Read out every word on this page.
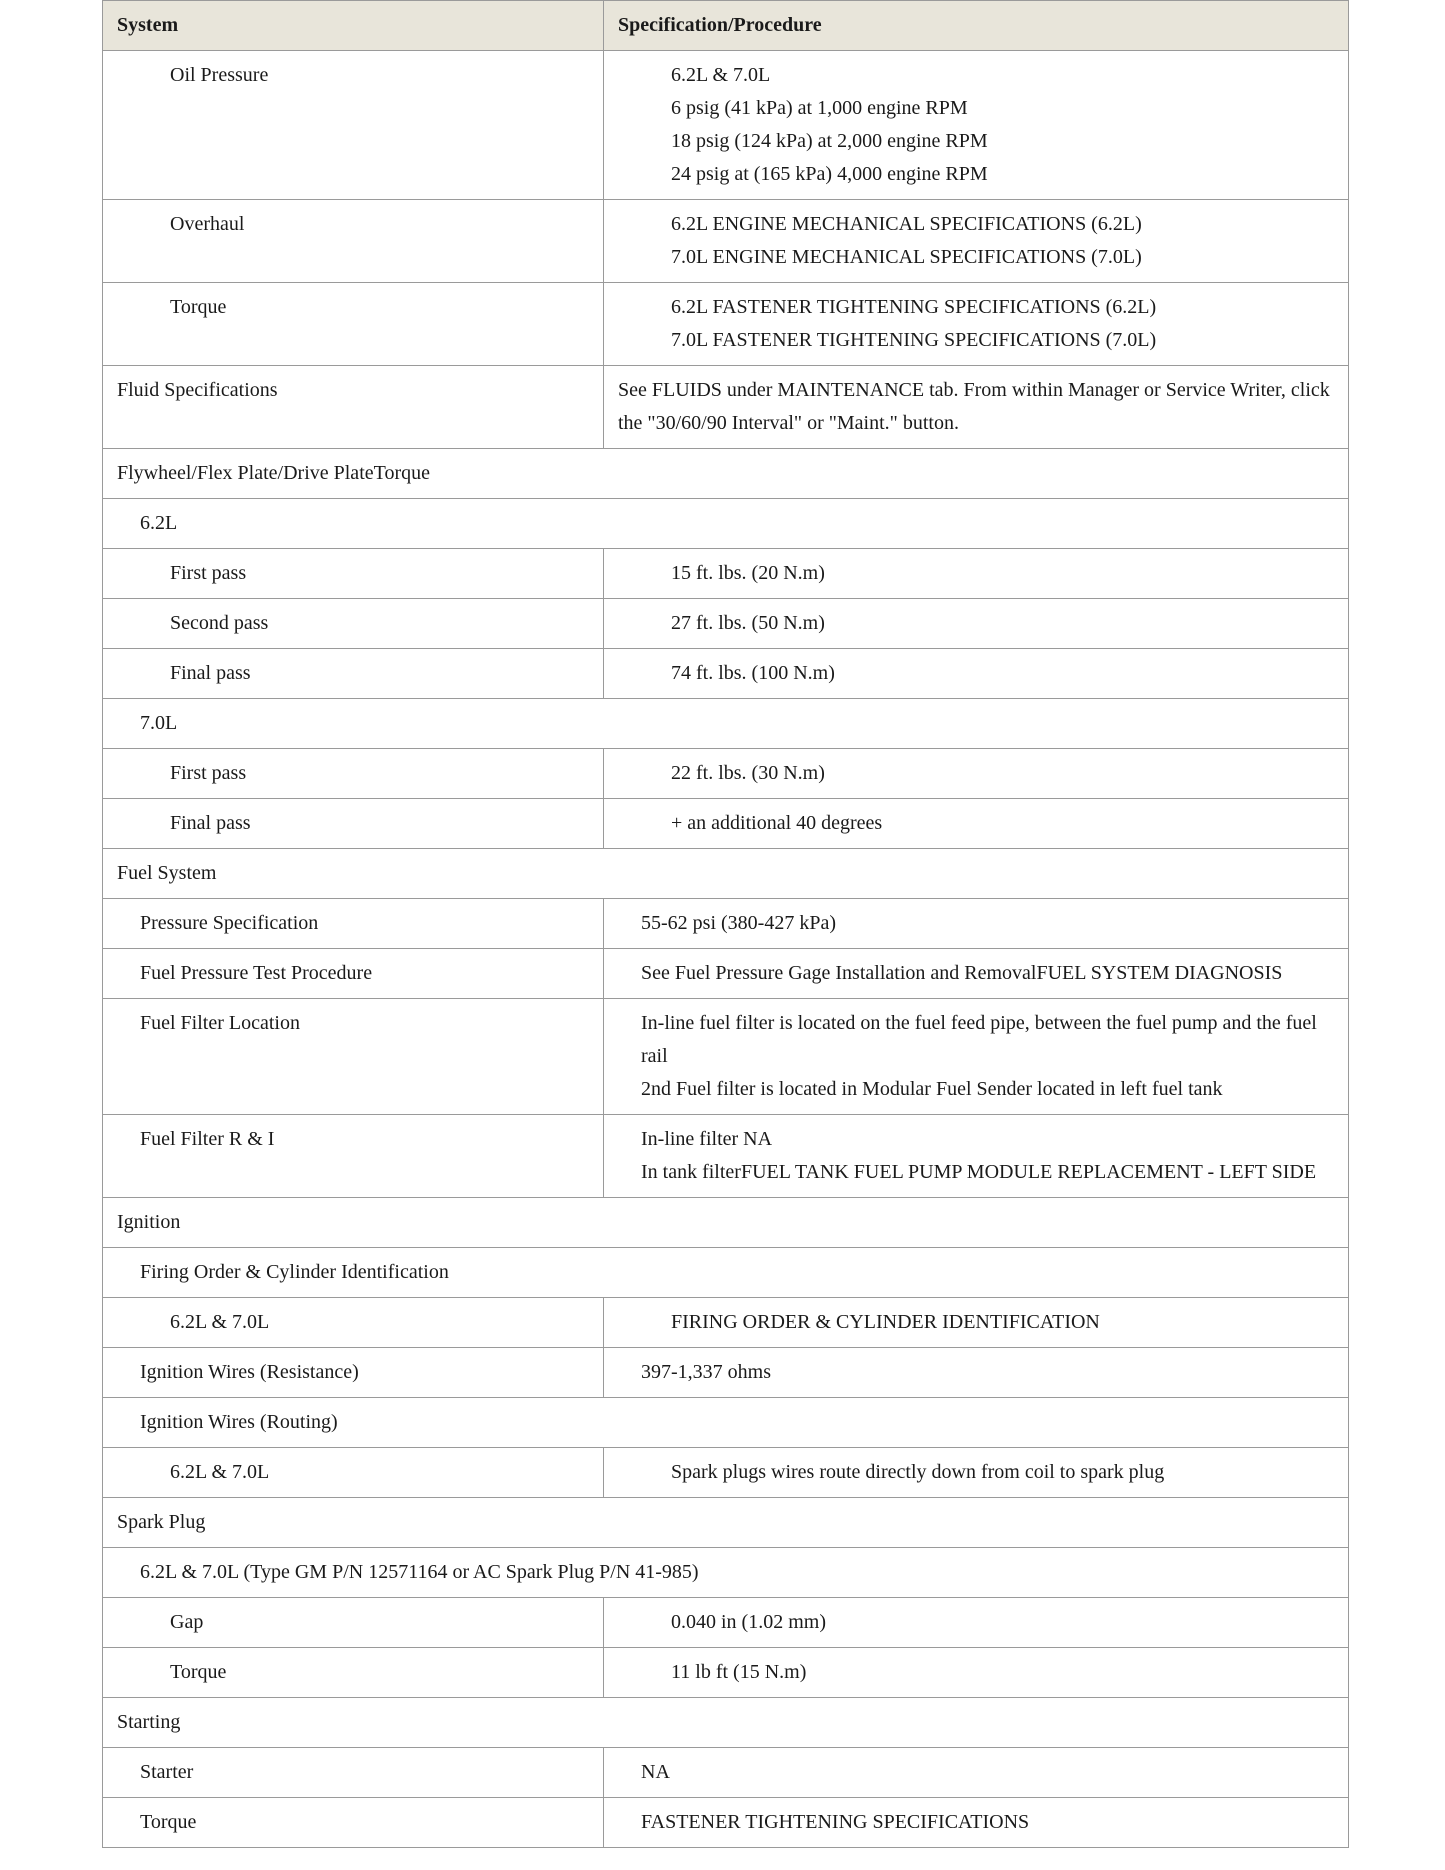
System	Specification/Procedure
Oil Pressure	6.2L & 7.0L
6 psig (41 kPa) at 1,000 engine RPM
18 psig (124 kPa) at 2,000 engine RPM
24 psig at (165 kPa) 4,000 engine RPM

Overhaul	6.2L ENGINE MECHANICAL SPECIFICATIONS (6.2L)
7.0L ENGINE MECHANICAL SPECIFICATIONS (7.0L)

Torque	6.2L FASTENER TIGHTENING SPECIFICATIONS (6.2L)
7.0L FASTENER TIGHTENING SPECIFICATIONS (7.0L)

Fluid Specifications	See FLUIDS under MAINTENANCE tab. From within Manager or Service Writer, click the "30/60/90 Interval" or "Maint." button.

Flywheel/Flex Plate/Drive PlateTorque	
6.2L	
First pass	15 ft. lbs. (20 N.m)

Second pass	27 ft. lbs. (50 N.m)

Final pass	74 ft. lbs. (100 N.m)

7.0L	
First pass	22 ft. lbs. (30 N.m)

Final pass	+ an additional 40 degrees

Fuel System	
Pressure Specification	55-62 psi (380-427 kPa)

Fuel Pressure Test Procedure	See Fuel Pressure Gage Installation and RemovalFUEL SYSTEM DIAGNOSIS

Fuel Filter Location	In-line fuel filter is located on the fuel feed pipe, between the fuel pump and the fuel rail
2nd Fuel filter is located in Modular Fuel Sender located in left fuel tank

Fuel Filter R & I	In-line filter NA
In tank filterFUEL TANK FUEL PUMP MODULE REPLACEMENT - LEFT SIDE

Ignition	
Firing Order & Cylinder Identification	
6.2L & 7.0L	FIRING ORDER & CYLINDER IDENTIFICATION

Ignition Wires (Resistance)	397-1,337 ohms

Ignition Wires (Routing)	
6.2L & 7.0L	Spark plugs wires route directly down from coil to spark plug

Spark Plug	
6.2L & 7.0L (Type GM P/N 12571164 or AC Spark Plug P/N 41-985)	
Gap	0.040 in (1.02 mm)

Torque	11 lb ft (15 N.m)

Starting	
Starter	NA

Torque	FASTENER TIGHTENING SPECIFICATIONS
